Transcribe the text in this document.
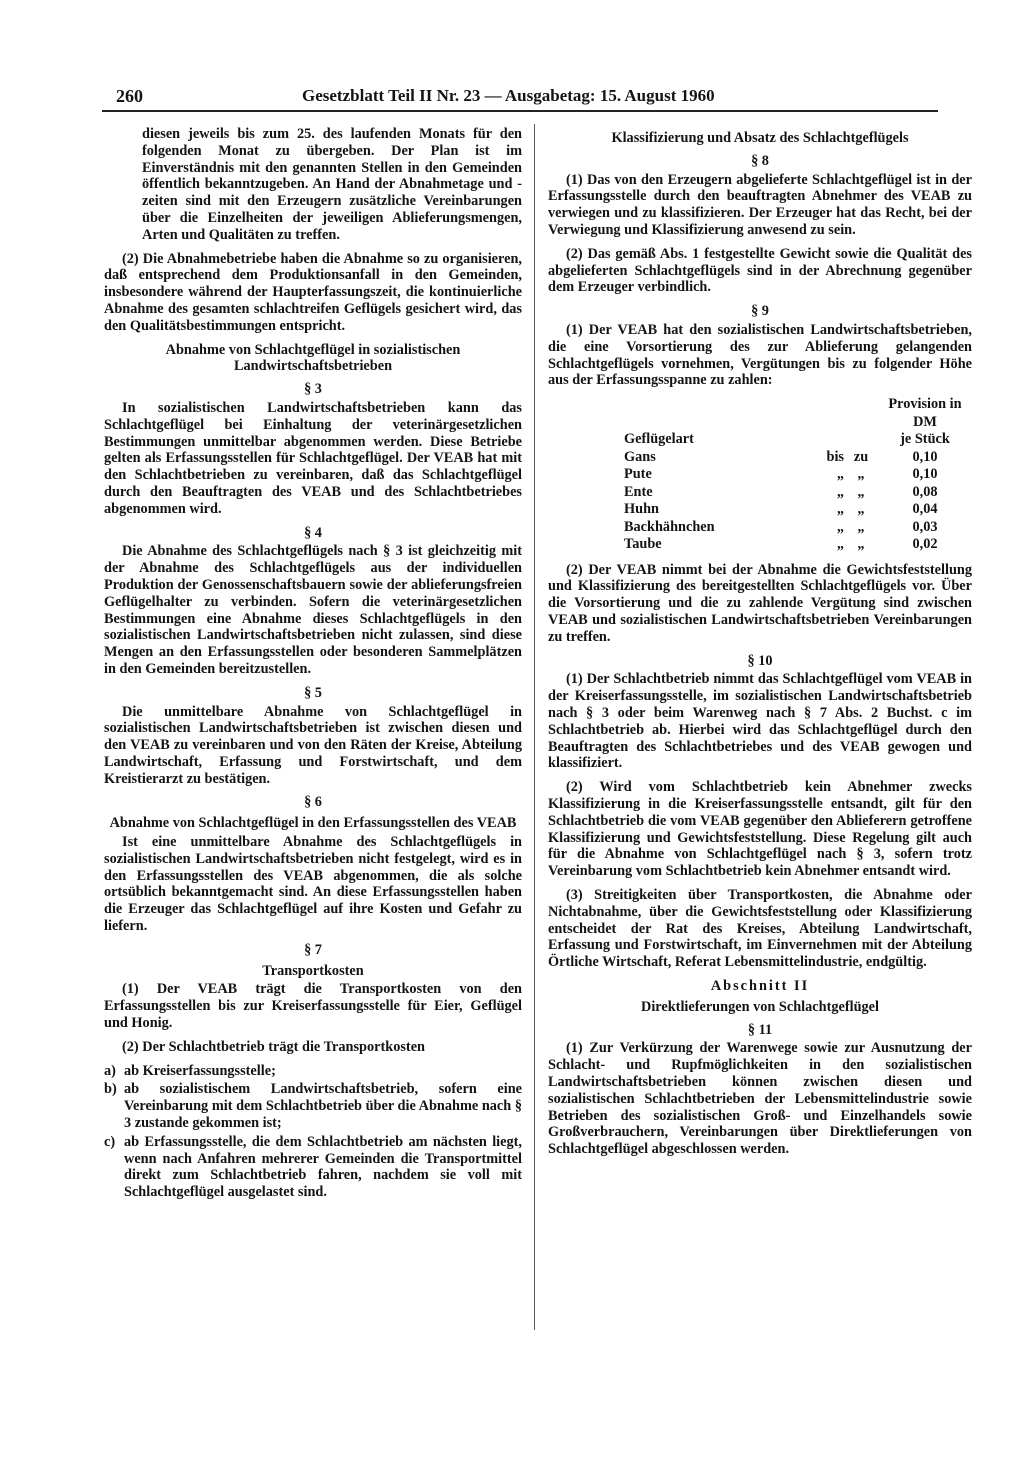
260	Gesetzblatt Teil II Nr. 23 — Ausgabetag: 15. August 1960

diesen jeweils bis zum 25. des laufenden Monats für den folgenden Monat zu übergeben. Der Plan ist im Einverständnis mit den genannten Stellen in den Gemeinden öffentlich bekanntzugeben. An Hand der Abnahmetage und -zeiten sind mit den Erzeugern zusätzliche Vereinbarungen über die Einzelheiten der jeweiligen Ablieferungsmengen, Arten und Qualitäten zu treffen.

(2) Die Abnahmebetriebe haben die Abnahme so zu organisieren, daß entsprechend dem Produktionsanfall in den Gemeinden, insbesondere während der Haupterfassungszeit, die kontinuierliche Abnahme des gesamten schlachtreifen Geflügels gesichert wird, das den Qualitätsbestimmungen entspricht.

Abnahme von Schlachtgeflügel in sozialistischen Landwirtschaftsbetrieben
§ 3

In sozialistischen Landwirtschaftsbetrieben kann das Schlachtgeflügel bei Einhaltung der veterinärgesetzlichen Bestimmungen unmittelbar abgenommen werden. Diese Betriebe gelten als Erfassungsstellen für Schlachtgeflügel. Der VEAB hat mit den Schlachtbetrieben zu vereinbaren, daß das Schlachtgeflügel durch den Beauftragten des VEAB und des Schlachtbetriebes abgenommen wird.

§ 4

Die Abnahme des Schlachtgeflügels nach § 3 ist gleichzeitig mit der Abnahme des Schlachtgeflügels aus der individuellen Produktion der Genossenschaftsbauern sowie der ablieferungsfreien Geflügelhalter zu verbinden. Sofern die veterinärgesetzlichen Bestimmungen eine Abnahme dieses Schlachtgeflügels in den sozialistischen Landwirtschaftsbetrieben nicht zulassen, sind diese Mengen an den Erfassungsstellen oder besonderen Sammelplätzen in den Gemeinden bereitzustellen.

§ 5

Die unmittelbare Abnahme von Schlachtgeflügel in sozialistischen Landwirtschaftsbetrieben ist zwischen diesen und den VEAB zu vereinbaren und von den Räten der Kreise, Abteilung Landwirtschaft, Erfassung und Forstwirtschaft, und dem Kreistierarzt zu bestätigen.

§ 6
Abnahme von Schlachtgeflügel in den Erfassungsstellen des VEAB

Ist eine unmittelbare Abnahme des Schlachtgeflügels in sozialistischen Landwirtschaftsbetrieben nicht festgelegt, wird es in den Erfassungsstellen des VEAB abgenommen, die als solche ortsüblich bekanntgemacht sind. An diese Erfassungsstellen haben die Erzeuger das Schlachtgeflügel auf ihre Kosten und Gefahr zu liefern.

§ 7
Transportkosten

(1) Der VEAB trägt die Transportkosten von den Erfassungsstellen bis zur Kreiserfassungsstelle für Eier, Geflügel und Honig.

(2) Der Schlachtbetrieb trägt die Transportkosten

a) ab Kreiserfassungsstelle;
b) ab sozialistischem Landwirtschaftsbetrieb, sofern eine Vereinbarung mit dem Schlachtbetrieb über die Abnahme nach § 3 zustande gekommen ist;
c) ab Erfassungsstelle, die dem Schlachtbetrieb am nächsten liegt, wenn nach Anfahren mehrerer Gemeinden die Transportmittel direkt zum Schlachtbetrieb fahren, nachdem sie voll mit Schlachtgeflügel ausgelastet sind.
Klassifizierung und Absatz des Schlachtgeflügels
§ 8

(1) Das von den Erzeugern abgelieferte Schlachtgeflügel ist in der Erfassungsstelle durch den beauftragten Abnehmer des VEAB zu verwiegen und zu klassifizieren. Der Erzeuger hat das Recht, bei der Verwiegung und Klassifizierung anwesend zu sein.

(2) Das gemäß Abs. 1 festgestellte Gewicht sowie die Qualität des abgelieferten Schlachtgeflügels sind in der Abrechnung gegenüber dem Erzeuger verbindlich.

§ 9

(1) Der VEAB hat den sozialistischen Landwirtschaftsbetrieben, die eine Vorsortierung des zur Ablieferung gelangenden Schlachtgeflügels vornehmen, Vergütungen bis zu folgender Höhe aus der Erfassungsspanne zu zahlen:

			Provision in DM
Geflügelart			je Stück
Gans	bis	zu	0,10
Pute	„	„	0,10
Ente	„	„	0,08
Huhn	„	„	0,04
Backhähnchen	„	„	0,03
Taube	„	„	0,02

(2) Der VEAB nimmt bei der Abnahme die Gewichtsfeststellung und Klassifizierung des bereitgestellten Schlachtgeflügels vor. Über die Vorsortierung und die zu zahlende Vergütung sind zwischen VEAB und sozialistischen Landwirtschaftsbetrieben Vereinbarungen zu treffen.

§ 10

(1) Der Schlachtbetrieb nimmt das Schlachtgeflügel vom VEAB in der Kreiserfassungsstelle, im sozialistischen Landwirtschaftsbetrieb nach § 3 oder beim Warenweg nach § 7 Abs. 2 Buchst. c im Schlachtbetrieb ab. Hierbei wird das Schlachtgeflügel durch den Beauftragten des Schlachtbetriebes und des VEAB gewogen und klassifiziert.

(2) Wird vom Schlachtbetrieb kein Abnehmer zwecks Klassifizierung in die Kreiserfassungsstelle entsandt, gilt für den Schlachtbetrieb die vom VEAB gegenüber den Ablieferern getroffene Klassifizierung und Gewichtsfeststellung. Diese Regelung gilt auch für die Abnahme von Schlachtgeflügel nach § 3, sofern trotz Vereinbarung vom Schlachtbetrieb kein Abnehmer entsandt wird.

(3) Streitigkeiten über Transportkosten, die Abnahme oder Nichtabnahme, über die Gewichtsfeststellung oder Klassifizierung entscheidet der Rat des Kreises, Abteilung Landwirtschaft, Erfassung und Forstwirtschaft, im Einvernehmen mit der Abteilung Örtliche Wirtschaft, Referat Lebensmittelindustrie, endgültig.

Abschnitt II
Direktlieferungen von Schlachtgeflügel
§ 11

(1) Zur Verkürzung der Warenwege sowie zur Ausnutzung der Schlacht- und Rupfmöglichkeiten in den sozialistischen Landwirtschaftsbetrieben können zwischen diesen und sozialistischen Schlachtbetrieben der Lebensmittelindustrie sowie Betrieben des sozialistischen Groß- und Einzelhandels sowie Großverbrauchern, Vereinbarungen über Direktlieferungen von Schlachtgeflügel abgeschlossen werden.
